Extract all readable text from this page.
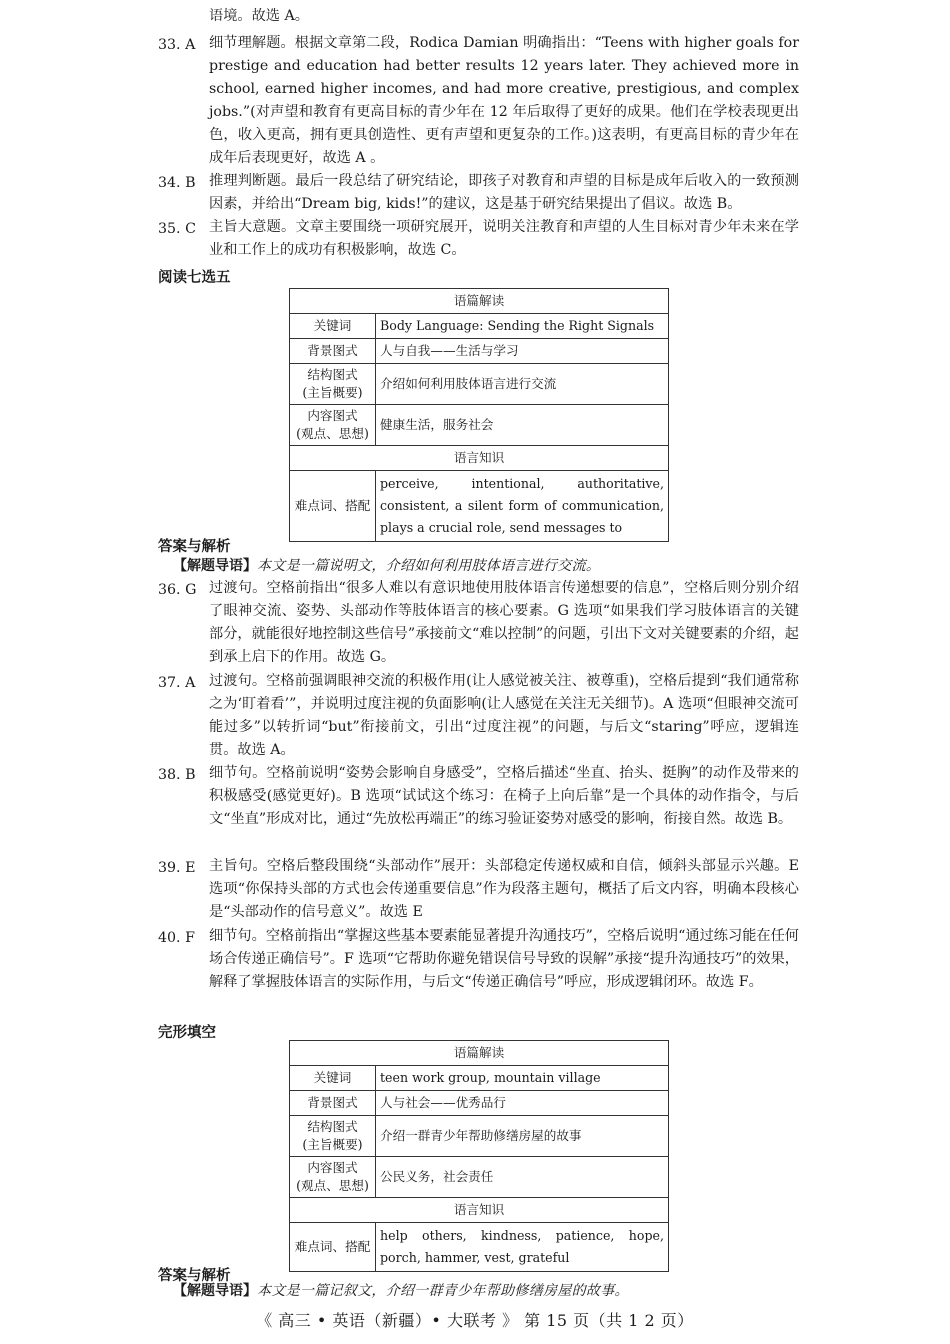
语境。故选 A。
33. A 细节理解题。根据文章第二段，Rodica Damian 明确指出：“Teens with higher goals for prestige and education had better results 12 years later. They achieved more in school, earned higher incomes, and had more creative, prestigious, and complex jobs.”(对声望和教育有更高目标的青少年在 12 年后取得了更好的成果。他们在学校表现更出色，收入更高，拥有更具创造性、更有声望和更复杂的工作。)这表明，有更高目标的青少年在成年后表现更好，故选 A 。
34. B 推理判断题。最后一段总结了研究结论，即孩子对教育和声望的目标是成年后收入的一致预测因素，并给出“Dream big, kids!”的建议，这是基于研究结果提出了倡议。故选 B。
35. C 主旨大意题。文章主要围绕一项研究展开，说明关注教育和声望的人生目标对青少年未来在学业和工作上的成功有积极影响，故选 C。
阅读七选五
语篇解读	
关键词	Body Language: Sending the Right Signals
背景图式	人与自我——生活与学习
结构图式
(主旨概要)	介绍如何利用肢体语言进行交流
内容图式
(观点、思想)	健康生活，服务社会
语言知识	
难点词、搭配	perceive, intentional, authoritative, consistent, a silent form of communication, plays a crucial role, send messages to
答案与解析
【解题导语】本文是一篇说明文，介绍如何利用肢体语言进行交流。
36. G 过渡句。空格前指出“很多人难以有意识地使用肢体语言传递想要的信息”，空格后则分别介绍了眼神交流、姿势、头部动作等肢体语言的核心要素。G 选项“如果我们学习肢体语言的关键部分，就能很好地控制这些信号”承接前文“难以控制”的问题，引出下文对关键要素的介绍，起到承上启下的作用。故选 G。
37. A 过渡句。空格前强调眼神交流的积极作用(让人感觉被关注、被尊重)，空格后提到“我们通常称之为‘盯着看’”，并说明过度注视的负面影响(让人感觉在关注无关细节)。A 选项“但眼神交流可能过多”以转折词“but”衔接前文，引出“过度注视”的问题，与后文“staring”呼应，逻辑连贯。故选 A。
38. B 细节句。空格前说明“姿势会影响自身感受”，空格后描述“坐直、抬头、挺胸”的动作及带来的积极感受(感觉更好)。B 选项“试试这个练习：在椅子上向后靠”是一个具体的动作指令，与后文“坐直”形成对比，通过“先放松再端正”的练习验证姿势对感受的影响，衔接自然。故选 B。
39. E 主旨句。空格后整段围绕“头部动作”展开：头部稳定传递权威和自信，倾斜头部显示兴趣。E 选项“你保持头部的方式也会传递重要信息”作为段落主题句，概括了后文内容，明确本段核心是“头部动作的信号意义”。故选 E
40. F 细节句。空格前指出“掌握这些基本要素能显著提升沟通技巧”，空格后说明“通过练习能在任何场合传递正确信号”。F 选项“它帮助你避免错误信号导致的误解”承接“提升沟通技巧”的效果，解释了掌握肢体语言的实际作用，与后文“传递正确信号”呼应，形成逻辑闭环。故选 F。
完形填空
语篇解读	
关键词	teen work group, mountain village
背景图式	人与社会——优秀品行
结构图式
(主旨概要)	介绍一群青少年帮助修缮房屋的故事
内容图式
(观点、思想)	公民义务，社会责任
语言知识	
难点词、搭配	help others, kindness, patience, hope, porch, hammer, vest, grateful
答案与解析
【解题导语】本文是一篇记叙文，介绍一群青少年帮助修缮房屋的故事。
《 高三 • 英语（新疆）• 大联考 》 第 15 页（共 1 2 页）
